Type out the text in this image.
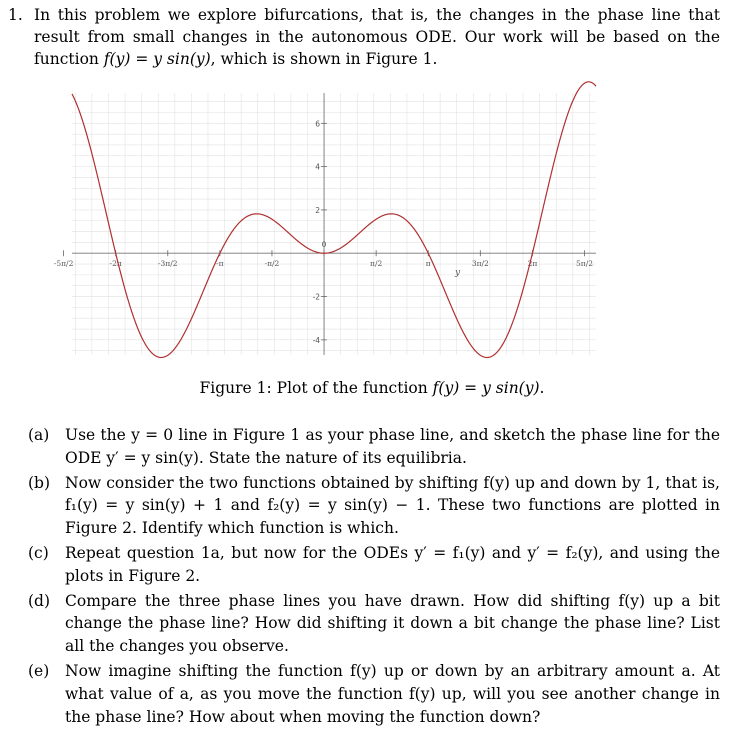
1. In this problem we explore bifurcations, that is, the changes in the phase line that result from small changes in the autonomous ODE. Our work will be based on the function f(y) = y sin(y), which is shown in Figure 1.
-5π/2	-2π	-3π/2	-π	-π/2
0
π/2	π	3π/2	2π	5π/2
6
4
2
-2
-4
y
Figure 1: Plot of the function f(y) = y sin(y).
(a) Use the y = 0 line in Figure 1 as your phase line, and sketch the phase line for the ODE y′ = y sin(y). State the nature of its equilibria.
(b) Now consider the two functions obtained by shifting f(y) up and down by 1, that is, f₁(y) = y sin(y) + 1 and f₂(y) = y sin(y) − 1. These two functions are plotted in Figure 2. Identify which function is which.
(c) Repeat question 1a, but now for the ODEs y′ = f₁(y) and y′ = f₂(y), and using the plots in Figure 2.
(d) Compare the three phase lines you have drawn. How did shifting f(y) up a bit change the phase line? How did shifting it down a bit change the phase line? List all the changes you observe.
(e) Now imagine shifting the function f(y) up or down by an arbitrary amount a. At what value of a, as you move the function f(y) up, will you see another change in the phase line? How about when moving the function down?
